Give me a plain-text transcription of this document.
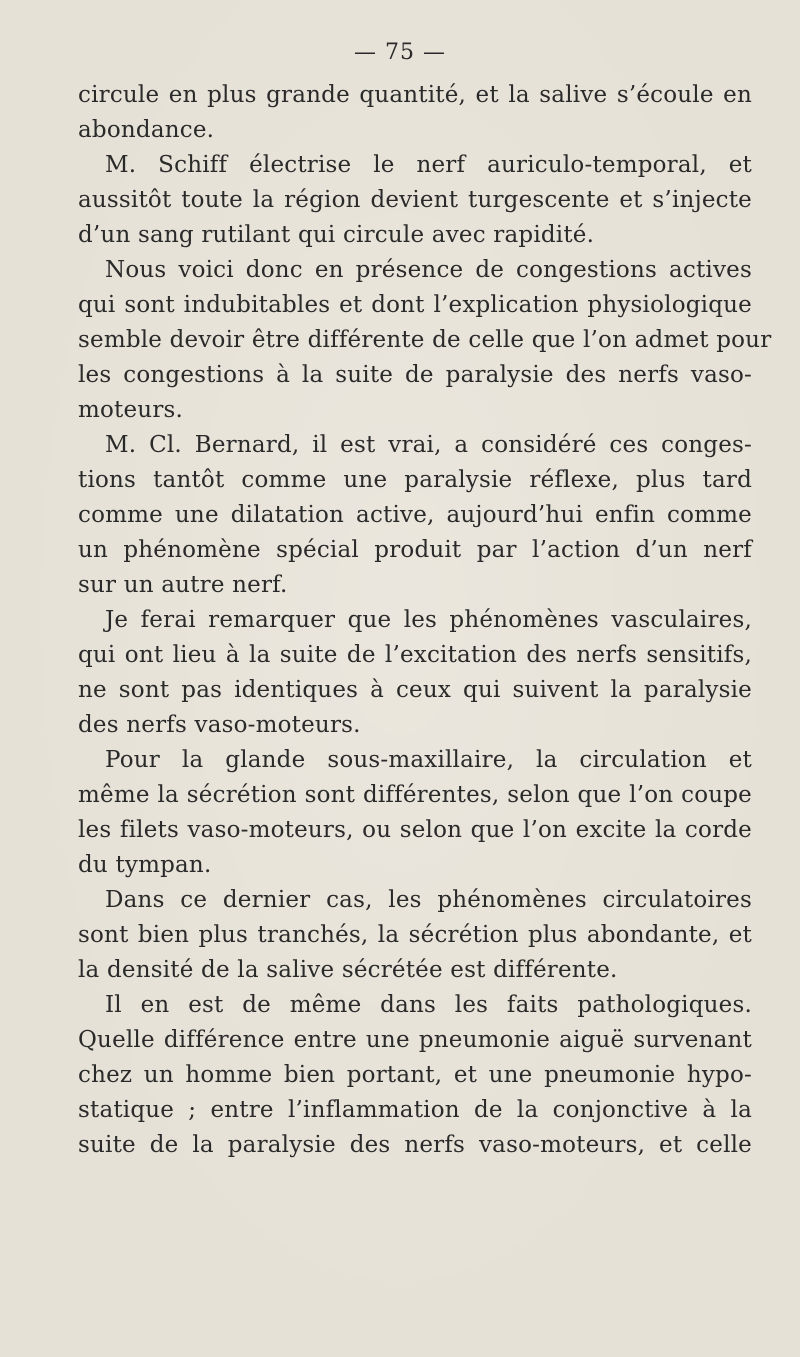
— 75 —
circule en plus grande quantité, et la salive s’écoule en
abondance.
M. Schiff électrise le nerf auriculo-temporal, et
aussitôt toute la région devient turgescente et s’injecte
d’un sang rutilant qui circule avec rapidité.
Nous voici donc en présence de congestions actives
qui sont indubitables et dont l’explication physiologique
semble devoir être différente de celle que l’on admet pour
les congestions à la suite de paralysie des nerfs vaso-
moteurs.
M. Cl. Bernard, il est vrai, a considéré ces conges-
tions tantôt comme une paralysie réflexe, plus tard
comme une dilatation active, aujourd’hui enfin comme
un phénomène spécial produit par l’action d’un nerf
sur un autre nerf.
Je ferai remarquer que les phénomènes vasculaires,
qui ont lieu à la suite de l’excitation des nerfs sensitifs,
ne sont pas identiques à ceux qui suivent la paralysie
des nerfs vaso-moteurs.
Pour la glande sous-maxillaire, la circulation et
même la sécrétion sont différentes, selon que l’on coupe
les filets vaso-moteurs, ou selon que l’on excite la corde
du tympan.
Dans ce dernier cas, les phénomènes circulatoires
sont bien plus tranchés, la sécrétion plus abondante, et
la densité de la salive sécrétée est différente.
Il en est de même dans les faits pathologiques.
Quelle différence entre une pneumonie aiguë survenant
chez un homme bien portant, et une pneumonie hypo-
statique ; entre l’inflammation de la conjonctive à la
suite de la paralysie des nerfs vaso-moteurs, et celle
